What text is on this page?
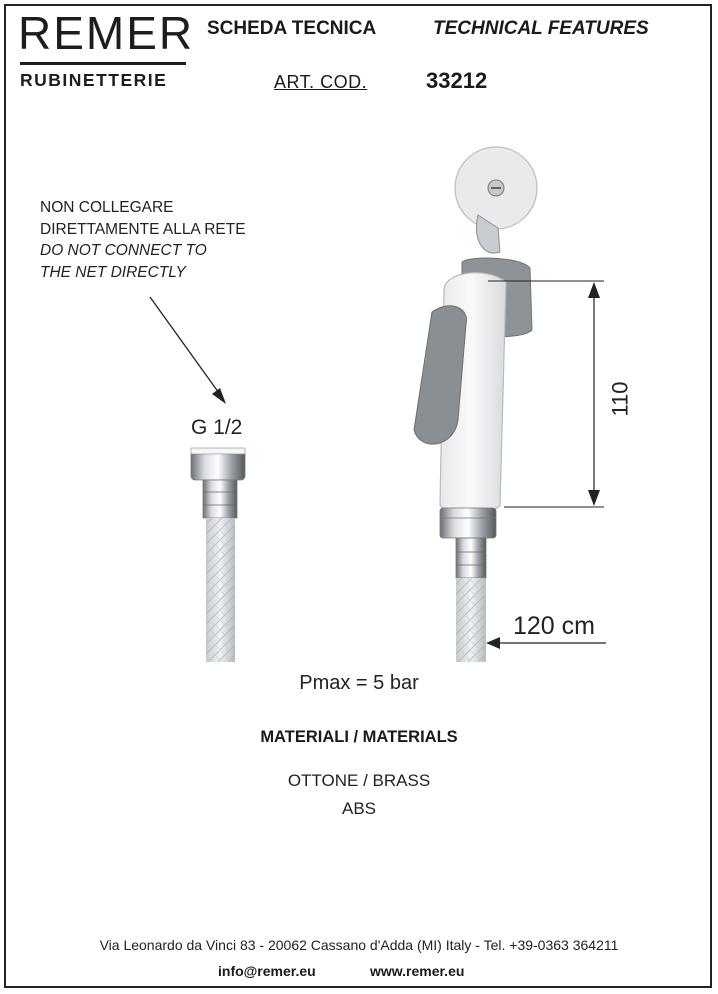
REMER
RUBINETTERIE
SCHEDA TECNICA	TECHNICAL FEATURES
ART. COD.	33212
NON COLLEGARE
DIRETTAMENTE ALLA RETE
DO NOT CONNECT TO
THE NET DIRECTLY
G 1/2
110
120 cm
Pmax = 5 bar
MATERIALI / MATERIALS
OTTONE / BRASS
ABS
Via Leonardo da Vinci 83 - 20062 Cassano d'Adda (MI) Italy - Tel. +39-0363 364211
info@remer.eu	www.remer.eu
